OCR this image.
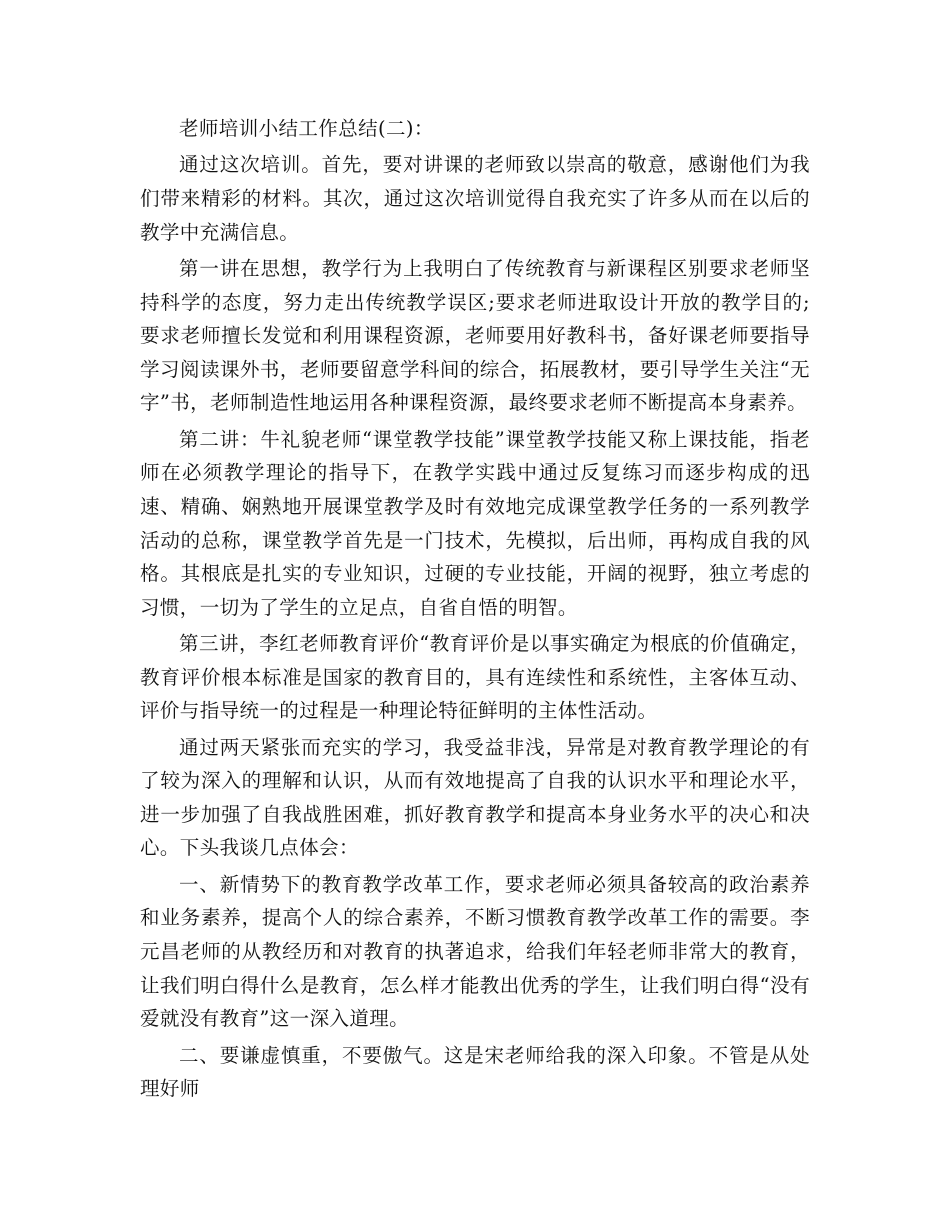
老师培训小结工作总结(二)：

通过这次培训。首先，要对讲课的老师致以崇高的敬意，感谢他们为我们带来精彩的材料。其次，通过这次培训觉得自我充实了许多从而在以后的教学中充满信息。

第一讲在思想，教学行为上我明白了传统教育与新课程区别要求老师坚持科学的态度，努力走出传统教学误区;要求老师进取设计开放的教学目的;要求老师擅长发觉和利用课程资源，老师要用好教科书，备好课老师要指导学习阅读课外书，老师要留意学科间的综合，拓展教材，要引导学生关注“无字”书，老师制造性地运用各种课程资源，最终要求老师不断提高本身素养。

第二讲：牛礼貌老师“课堂教学技能”课堂教学技能又称上课技能，指老师在必须教学理论的指导下，在教学实践中通过反复练习而逐步构成的迅速、精确、娴熟地开展课堂教学及时有效地完成课堂教学任务的一系列教学活动的总称，课堂教学首先是一门技术，先模拟，后出师，再构成自我的风格。其根底是扎实的专业知识，过硬的专业技能，开阔的视野，独立考虑的习惯，一切为了学生的立足点，自省自悟的明智。

第三讲，李红老师教育评价“教育评价是以事实确定为根底的价值确定，教育评价根本标准是国家的教育目的，具有连续性和系统性，主客体互动、评价与指导统一的过程是一种理论特征鲜明的主体性活动。

通过两天紧张而充实的学习，我受益非浅，异常是对教育教学理论的有了较为深入的理解和认识，从而有效地提高了自我的认识水平和理论水平，进一步加强了自我战胜困难，抓好教育教学和提高本身业务水平的决心和决心。下头我谈几点体会：

一、新情势下的教育教学改革工作，要求老师必须具备较高的政治素养和业务素养，提高个人的综合素养，不断习惯教育教学改革工作的需要。李元昌老师的从教经历和对教育的执著追求，给我们年轻老师非常大的教育，让我们明白得什么是教育，怎么样才能教出优秀的学生，让我们明白得“没有爱就没有教育”这一深入道理。

二、要谦虚慎重，不要傲气。这是宋老师给我的深入印象。不管是从处理好师
